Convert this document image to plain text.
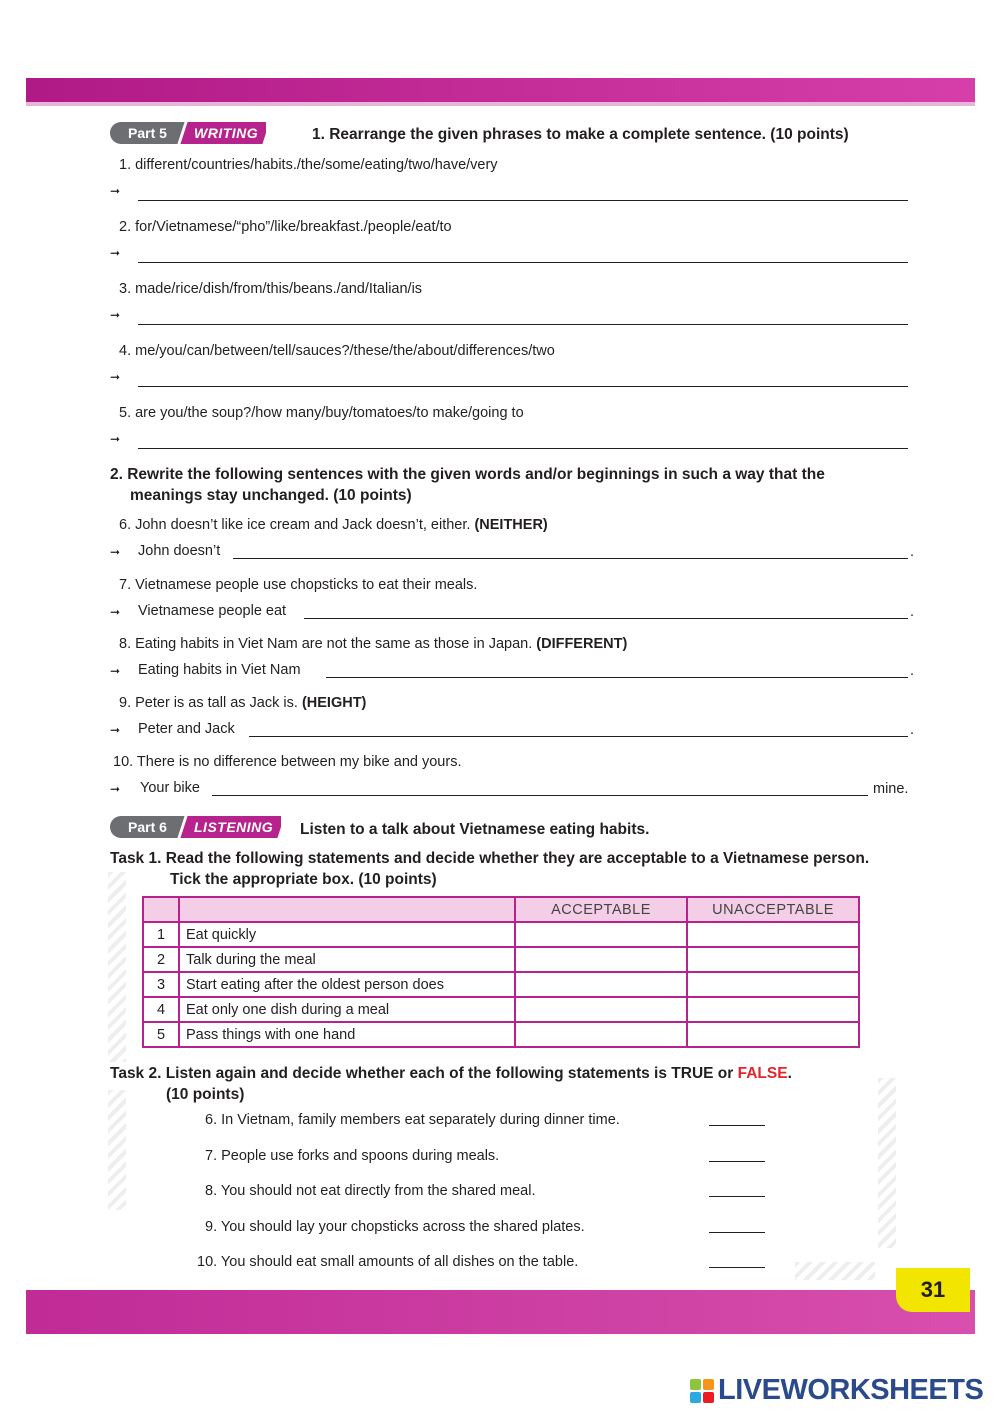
31
Part 5	WRITING	1. Rearrange the given phrases to make a complete sentence. (10 points)
1. different/countries/habits./the/some/eating/two/have/very
➞
2. for/Vietnamese/“pho”/like/breakfast./people/eat/to
➞
3. made/rice/dish/from/this/beans./and/Italian/is
➞
4. me/you/can/between/tell/sauces?/these/the/about/differences/two
➞
5. are you/the soup?/how many/buy/tomatoes/to make/going to
➞
2. Rewrite the following sentences with the given words and/or beginnings in such a way that the
meanings stay unchanged. (10 points)
6. John doesn’t like ice cream and Jack doesn’t, either. (NEITHER)
➞ John doesn’t	.
7. Vietnamese people use chopsticks to eat their meals.
➞ Vietnamese people eat	.
8. Eating habits in Viet Nam are not the same as those in Japan. (DIFFERENT)
➞ Eating habits in Viet Nam	.
9. Peter is as tall as Jack is. (HEIGHT)
➞ Peter and Jack	.
10. There is no difference between my bike and yours.
➞ Your bike	mine.
Part 6	LISTENING Listen to a talk about Vietnamese eating habits.
Task 1. Read the following statements and decide whether they are acceptable to a Vietnamese person.
Tick the appropriate box. (10 points)
		ACCEPTABLE	UNACCEPTABLE
1	Eat quickly		
2	Talk during the meal		
3	Start eating after the oldest person does		
4	Eat only one dish during a meal		
5	Pass things with one hand		
Task 2. Listen again and decide whether each of the following statements is TRUE or FALSE.
(10 points)
6. In Vietnam, family members eat separately during dinner time.
7. People use forks and spoons during meals.
8. You should not eat directly from the shared meal.
9. You should lay your chopsticks across the shared plates.
10. You should eat small amounts of all dishes on the table.
LIVEWORKSHEETS
